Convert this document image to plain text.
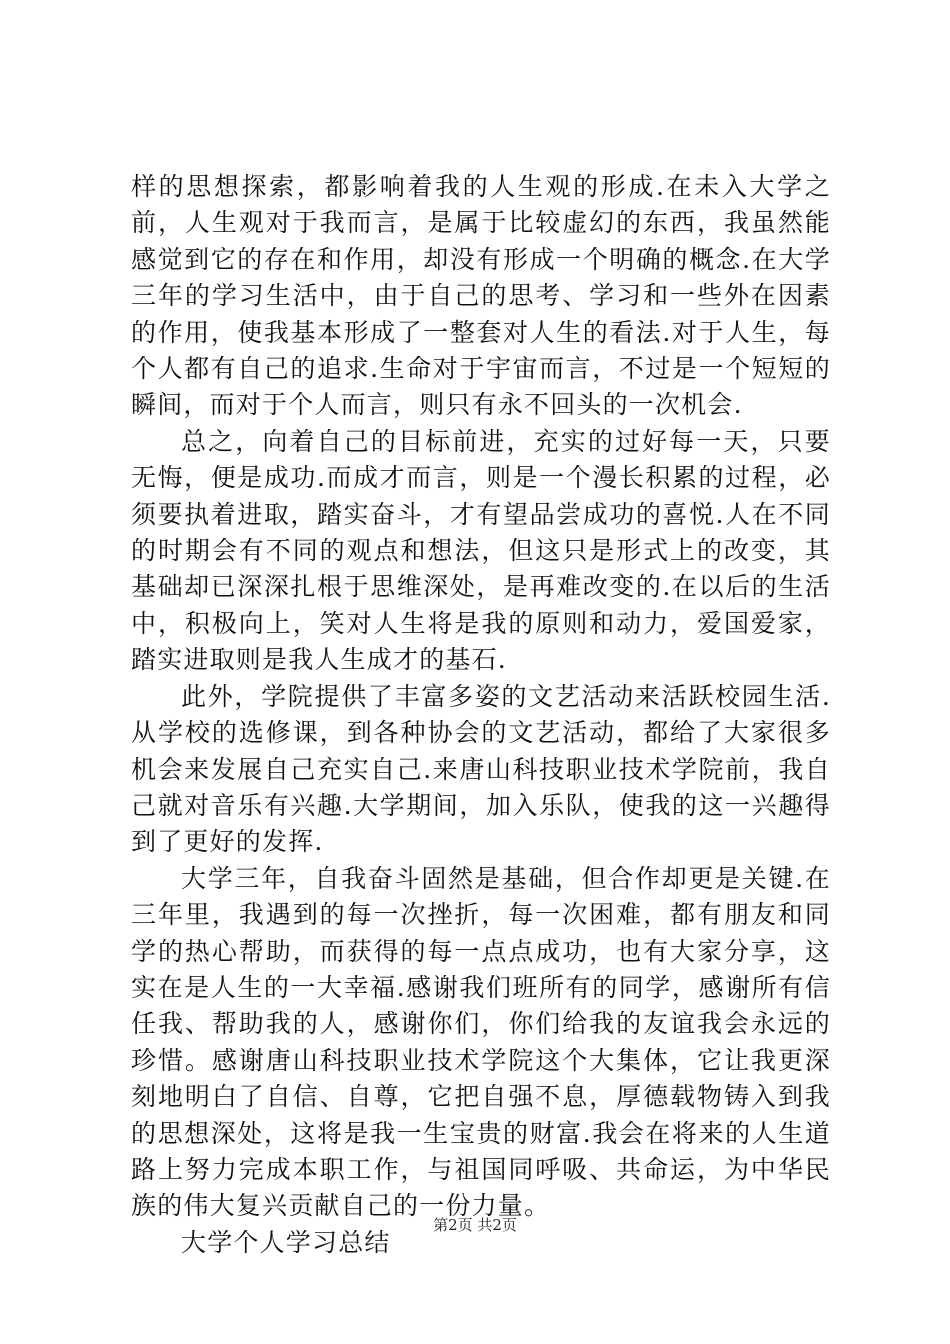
样的思想探索，都影响着我的人生观的形成.在未入大学之前，人生观对于我而言，是属于比较虚幻的东西，我虽然能感觉到它的存在和作用，却没有形成一个明确的概念.在大学三年的学习生活中，由于自己的思考、学习和一些外在因素的作用，使我基本形成了一整套对人生的看法.对于人生，每个人都有自己的追求.生命对于宇宙而言，不过是一个短短的瞬间，而对于个人而言，则只有永不回头的一次机会.

总之，向着自己的目标前进，充实的过好每一天，只要无悔，便是成功.而成才而言，则是一个漫长积累的过程，必须要执着进取，踏实奋斗，才有望品尝成功的喜悦.人在不同的时期会有不同的观点和想法，但这只是形式上的改变，其基础却已深深扎根于思维深处，是再难改变的.在以后的生活中，积极向上，笑对人生将是我的原则和动力，爱国爱家，踏实进取则是我人生成才的基石.

此外，学院提供了丰富多姿的文艺活动来活跃校园生活.从学校的选修课，到各种协会的文艺活动，都给了大家很多机会来发展自己充实自己.来唐山科技职业技术学院前，我自己就对音乐有兴趣.大学期间，加入乐队，使我的这一兴趣得到了更好的发挥.

大学三年，自我奋斗固然是基础，但合作却更是关键.在三年里，我遇到的每一次挫折，每一次困难，都有朋友和同学的热心帮助，而获得的每一点点成功，也有大家分享，这实在是人生的一大幸福.感谢我们班所有的同学，感谢所有信任我、帮助我的人，感谢你们，你们给我的友谊我会永远的珍惜。感谢唐山科技职业技术学院这个大集体，它让我更深刻地明白了自信、自尊，它把自强不息，厚德载物铸入到我的思想深处，这将是我一生宝贵的财富.我会在将来的人生道路上努力完成本职工作，与祖国同呼吸、共命运，为中华民族的伟大复兴贡献自己的一份力量。

大学个人学习总结

第2页 共2页
